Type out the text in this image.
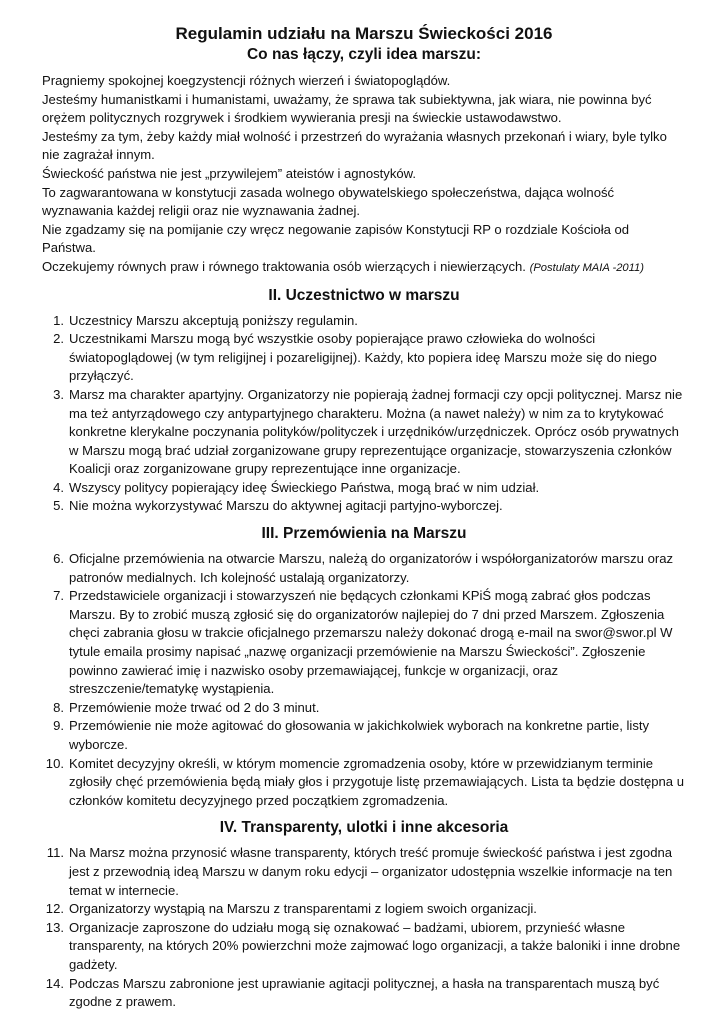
Regulamin udziału na Marszu Świeckości 2016
Co nas łączy, czyli idea marszu:

Pragniemy spokojnej koegzystencji różnych wierzeń i światopoglądów.

Jesteśmy humanistkami i humanistami, uważamy, że sprawa tak subiektywna, jak wiara, nie powinna być orężem politycznych rozgrywek i środkiem wywierania presji na świeckie ustawodawstwo.

Jesteśmy za tym, żeby każdy miał wolność i przestrzeń do wyrażania własnych przekonań i wiary, byle tylko nie zagrażał innym.

Świeckość państwa nie jest „przywilejem” ateistów i agnostyków.

To zagwarantowana w konstytucji zasada wolnego obywatelskiego społeczeństwa, dająca wolność wyznawania każdej religii oraz nie wyznawania żadnej.

Nie zgadzamy się na pomijanie czy wręcz negowanie zapisów Konstytucji RP o rozdziale Kościoła od Państwa.

Oczekujemy równych praw i równego traktowania osób wierzących i niewierzących. (Postulaty MAIA -2011)

II. Uczestnictwo w marszu
1. Uczestnicy Marszu akceptują poniższy regulamin.
2. Uczestnikami Marszu mogą być wszystkie osoby popierające prawo człowieka do wolności światopoglądowej (w tym religijnej i pozareligijnej). Każdy, kto popiera ideę Marszu może się do niego przyłączyć.
3. Marsz ma charakter apartyjny. Organizatorzy nie popierają żadnej formacji czy opcji politycznej. Marsz nie ma też antyrządowego czy antypartyjnego charakteru. Można (a nawet należy) w nim za to krytykować konkretne klerykalne poczynania polityków/polityczek i urzędników/urzędniczek. Oprócz osób prywatnych w Marszu mogą brać udział zorganizowane grupy reprezentujące organizacje, stowarzyszenia członków Koalicji oraz zorganizowane grupy reprezentujące inne organizacje.
4. Wszyscy politycy popierający ideę Świeckiego Państwa, mogą brać w nim udział.
5. Nie można wykorzystywać Marszu do aktywnej agitacji partyjno-wyborczej.
III. Przemówienia na Marszu
6. Oficjalne przemówienia na otwarcie Marszu, należą do organizatorów i współorganizatorów marszu oraz patronów medialnych. Ich kolejność ustalają organizatorzy.
7. Przedstawiciele organizacji i stowarzyszeń nie będących członkami KPiŚ mogą zabrać głos podczas Marszu. By to zrobić muszą zgłosić się do organizatorów najlepiej do 7 dni przed Marszem. Zgłoszenia chęci zabrania głosu w trakcie oficjalnego przemarszu należy dokonać drogą e-mail na swor@swor.pl W tytule emaila prosimy napisać „nazwę organizacji przemówienie na Marszu Świeckości”. Zgłoszenie powinno zawierać imię i nazwisko osoby przemawiającej, funkcje w organizacji, oraz streszczenie/tematykę wystąpienia.
8. Przemówienie może trwać od 2 do 3 minut.
9. Przemówienie nie może agitować do głosowania w jakichkolwiek wyborach na konkretne partie, listy wyborcze.
10. Komitet decyzyjny określi, w którym momencie zgromadzenia osoby, które w przewidzianym terminie zgłosiły chęć przemówienia będą miały głos i przygotuje listę przemawiających. Lista ta będzie dostępna u członków komitetu decyzyjnego przed początkiem zgromadzenia.
IV. Transparenty, ulotki i inne akcesoria
11. Na Marsz można przynosić własne transparenty, których treść promuje świeckość państwa i jest zgodna jest z przewodnią ideą Marszu w danym roku edycji – organizator udostępnia wszelkie informacje na ten temat w internecie.
12. Organizatorzy wystąpią na Marszu z transparentami z logiem swoich organizacji.
13. Organizacje zaproszone do udziału mogą się oznakować – badżami, ubiorem, przynieść własne transparenty, na których 20% powierzchni może zajmować logo organizacji, a także baloniki i inne drobne gadżety.
14. Podczas Marszu zabronione jest uprawianie agitacji politycznej, a hasła na transparentach muszą być zgodne z prawem.
